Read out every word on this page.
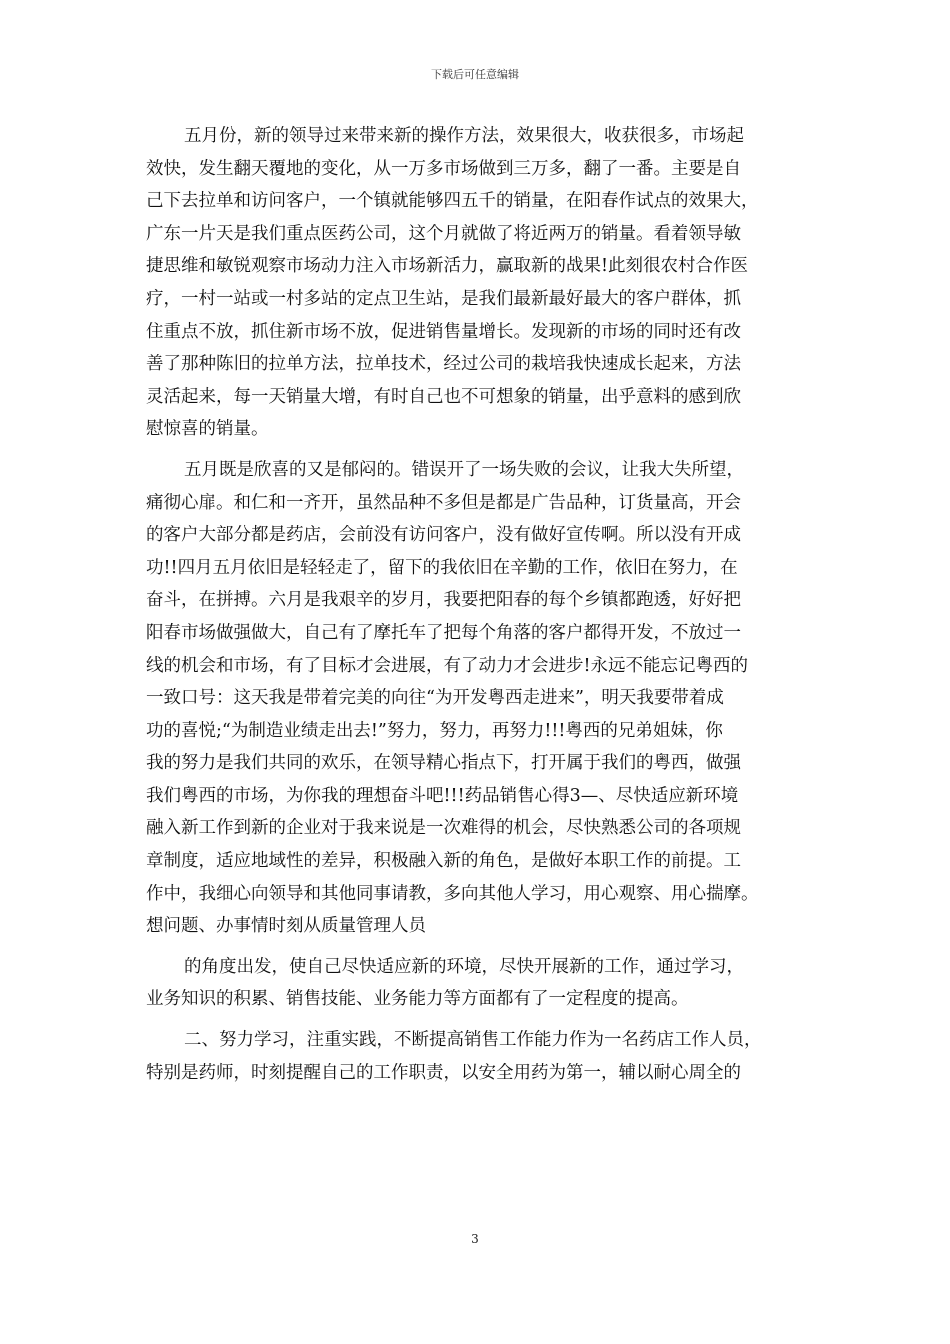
下载后可任意编辑
五月份，新的领导过来带来新的操作方法，效果很大，收获很多，市场起
效快，发生翻天覆地的变化，从一万多市场做到三万多，翻了一番。主要是自
己下去拉单和访问客户，一个镇就能够四五千的销量，在阳春作试点的效果大，
广东一片天是我们重点医药公司，这个月就做了将近两万的销量。看着领导敏
捷思维和敏锐观察市场动力注入市场新活力，赢取新的战果!此刻很农村合作医
疗，一村一站或一村多站的定点卫生站，是我们最新最好最大的客户群体，抓
住重点不放，抓住新市场不放，促进销售量增长。发现新的市场的同时还有改
善了那种陈旧的拉单方法，拉单技术，经过公司的栽培我快速成长起来，方法
灵活起来，每一天销量大增，有时自己也不可想象的销量，出乎意料的感到欣
慰惊喜的销量。
五月既是欣喜的又是郁闷的。错误开了一场失败的会议，让我大失所望，
痛彻心扉。和仁和一齐开，虽然品种不多但是都是广告品种，订货量高，开会
的客户大部分都是药店，会前没有访问客户，没有做好宣传啊。所以没有开成
功!!四月五月依旧是轻轻走了，留下的我依旧在辛勤的工作，依旧在努力，在
奋斗，在拼搏。六月是我艰辛的岁月，我要把阳春的每个乡镇都跑透，好好把
阳春市场做强做大，自己有了摩托车了把每个角落的客户都得开发，不放过一
线的机会和市场，有了目标才会进展，有了动力才会进步!永远不能忘记粤西的
一致口号：这天我是带着完美的向往“为开发粤西走进来”，明天我要带着成
功的喜悦;“为制造业绩走出去!”努力，努力，再努力!!!粤西的兄弟姐妹，你
我的努力是我们共同的欢乐，在领导精心指点下，打开属于我们的粤西，做强
我们粤西的市场，为你我的理想奋斗吧!!!药品销售心得3—、尽快适应新环境
融入新工作到新的企业对于我来说是一次难得的机会，尽快熟悉公司的各项规
章制度，适应地域性的差异，积极融入新的角色，是做好本职工作的前提。工
作中，我细心向领导和其他同事请教，多向其他人学习，用心观察、用心揣摩。
想问题、办事情时刻从质量管理人员
的角度出发，使自己尽快适应新的环境，尽快开展新的工作，通过学习，
业务知识的积累、销售技能、业务能力等方面都有了一定程度的提高。
二、努力学习，注重实践，不断提高销售工作能力作为一名药店工作人员，
特别是药师，时刻提醒自己的工作职责，以安全用药为第一，辅以耐心周全的
3
